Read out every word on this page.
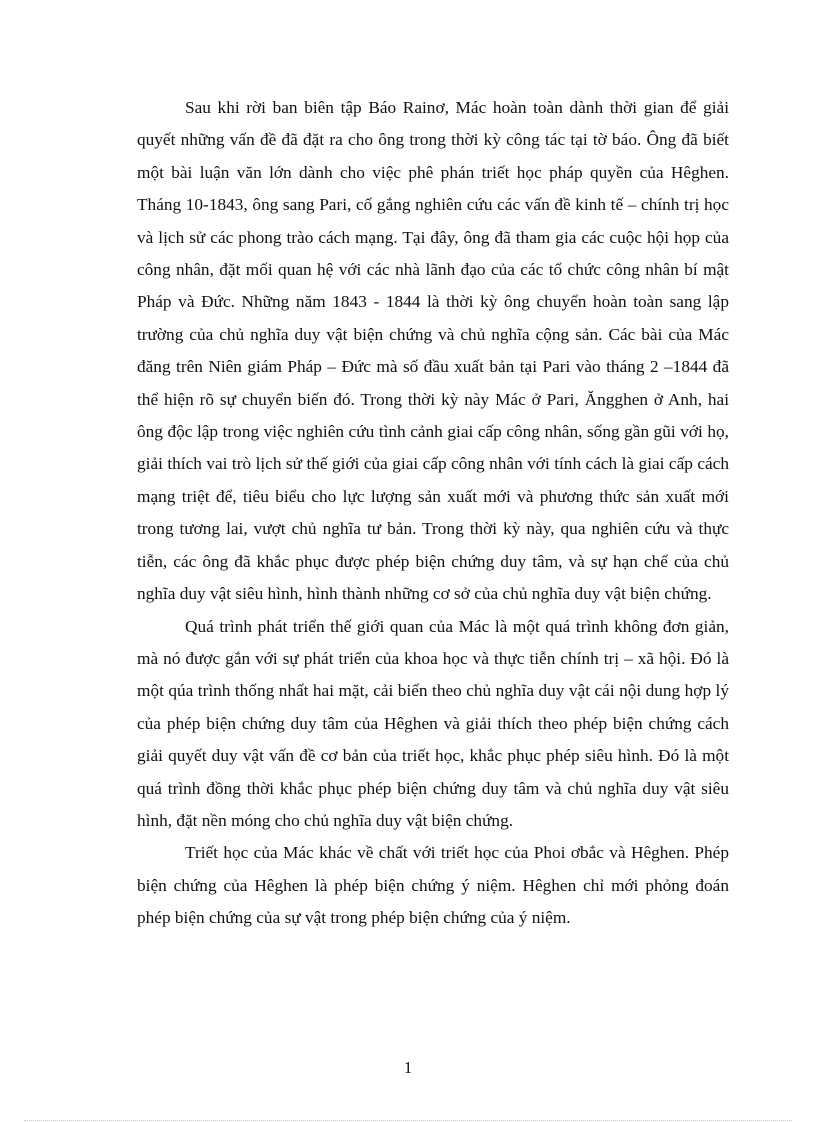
Sau khi rời ban biên tập Báo Rainơ, Mác hoàn toàn dành thời gian để giải quyết những vấn đề đã đặt ra cho ông trong thời kỳ công tác tại tờ báo. Ông đã biết một bài luận văn lớn dành cho việc phê phán triết học pháp quyền của Hêghen. Tháng 10-1843, ông sang Pari, cố gắng nghiên cứu các vấn đề kinh tế – chính trị học và lịch sử các phong trào cách mạng. Tại đây, ông đã tham gia các cuộc hội họp của công nhân, đặt mối quan hệ với các nhà lãnh đạo của các tổ chức công nhân bí mật Pháp và Đức. Những năm 1843 - 1844 là thời kỳ ông chuyển hoàn toàn sang lập trường của chủ nghĩa duy vật biện chứng và chủ nghĩa cộng sản. Các bài của Mác đăng trên Niên giám Pháp – Đức mà số đầu xuất bản tại Pari vào tháng 2 –1844 đã thể hiện rõ sự chuyển biến đó. Trong thời kỳ này Mác ở Pari, Ăngghen ở Anh, hai ông độc lập trong việc nghiên cứu tình cảnh giai cấp công nhân, sống gần gũi với họ, giải thích vai trò lịch sử thế giới của giai cấp công nhân với tính cách là giai cấp cách mạng triệt để, tiêu biểu cho lực lượng sản xuất mới và phương thức sản xuất mới trong tương lai, vượt chủ nghĩa tư bản. Trong thời kỳ này, qua nghiên cứu và thực tiễn, các ông đã khắc phục được phép biện chứng duy tâm, và sự hạn chế của chủ nghĩa duy vật siêu hình, hình thành những cơ sở của chủ nghĩa duy vật biện chứng.

Quá trình phát triển thế giới quan của Mác là một quá trình không đơn giản, mà nó được gắn với sự phát triển của khoa học và thực tiễn chính trị – xã hội. Đó là một qúa trình thống nhất hai mặt, cải biến theo chủ nghĩa duy vật cái nội dung hợp lý của phép biện chứng duy tâm của Hêghen và giải thích theo phép biện chứng cách giải quyết duy vật vấn đề cơ bản của triết học, khắc phục phép siêu hình. Đó là một quá trình đồng thời khắc phục phép biện chứng duy tâm và chủ nghĩa duy vật siêu hình, đặt nền móng cho chủ nghĩa duy vật biện chứng.

Triết học của Mác khác về chất với triết học của Phoi ơbắc và Hêghen. Phép biện chứng của Hêghen là phép biện chứng ý niệm. Hêghen chỉ mới phỏng đoán phép biện chứng của sự vật trong phép biện chứng của ý niệm.

1
